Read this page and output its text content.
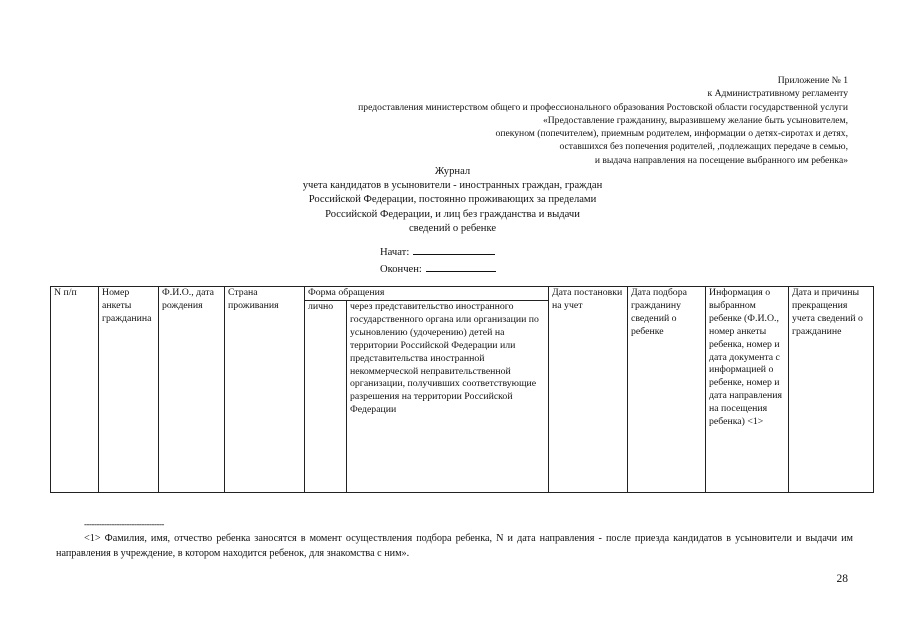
Приложение № 1
к Административному регламенту
предоставления министерством общего и профессионального образования Ростовской области государственной услуги
«Предоставление гражданину, выразившему желание быть усыновителем,
опекуном (попечителем), приемным родителем, информации о детях-сиротах и детях,
оставшихся без попечения родителей, ,подлежащих передаче в семью,
и выдача направления на посещение выбранного им ребенка»
Журнал
учета кандидатов в усыновители - иностранных граждан, граждан
Российской Федерации, постоянно проживающих за пределами
Российской Федерации, и лиц без гражданства и выдачи
сведений о ребенке
Начат:
Окончен:
N п/п	Номер анкеты гражданина	Ф.И.О., дата рождения	Страна проживания	Форма обращения		Дата постановки на учет	Дата подбора гражданину сведений о ребенке	Информация о выбранном ребенке (Ф.И.О., номер анкеты ребенка, номер и дата документа с информацией о ребенке, номер и дата направления на посещения ребенка) <1>	Дата и причины прекращения учета сведений о гражданине
				лично	через представительство иностранного государственного органа или организации по усыновлению (удочерению) детей на территории Российской Федерации или представительства иностранной некоммерческой неправительственной организации, получивших соответствующие разрешения на территории Российской Федерации				
--------------------------------
<1> Фамилия, имя, отчество ребенка заносятся в момент осуществления подбора ребенка, N и дата направления - после приезда кандидатов в усыновители и выдачи им направления в учреждение, в котором находится ребенок, для знакомства с ним».
28
